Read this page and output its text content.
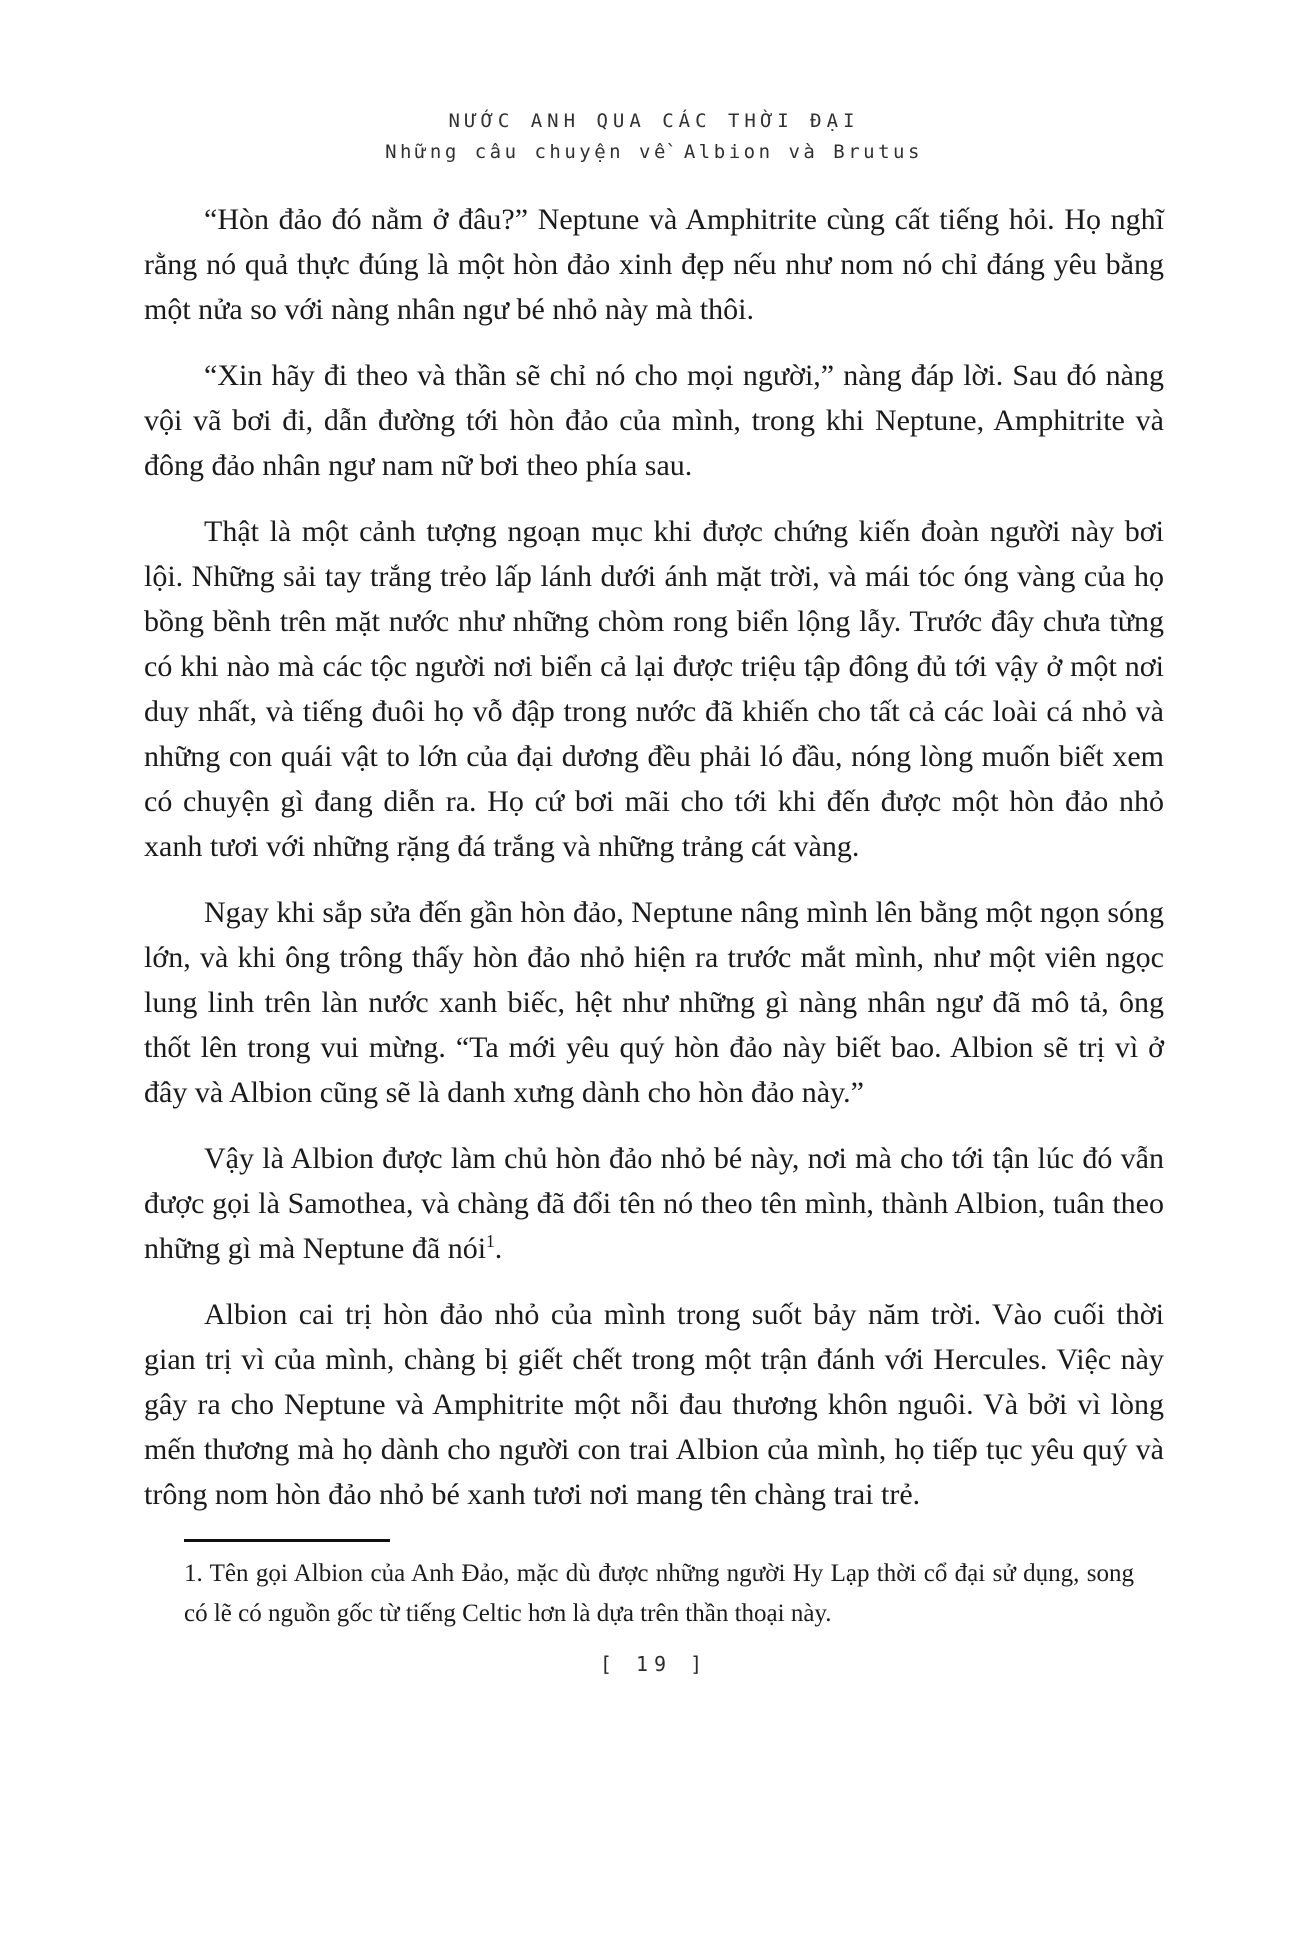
NƯỚC ANH QUA CÁC THỜI ĐẠI
Những câu chuyện về Albion và Brutus

“Hòn đảo đó nằm ở đâu?” Neptune và Amphitrite cùng cất tiếng hỏi. Họ nghĩ rằng nó quả thực đúng là một hòn đảo xinh đẹp nếu như nom nó chỉ đáng yêu bằng một nửa so với nàng nhân ngư bé nhỏ này mà thôi.

“Xin hãy đi theo và thần sẽ chỉ nó cho mọi người,” nàng đáp lời. Sau đó nàng vội vã bơi đi, dẫn đường tới hòn đảo của mình, trong khi Neptune, Amphitrite và đông đảo nhân ngư nam nữ bơi theo phía sau.

Thật là một cảnh tượng ngoạn mục khi được chứng kiến đoàn người này bơi lội. Những sải tay trắng trẻo lấp lánh dưới ánh mặt trời, và mái tóc óng vàng của họ bồng bềnh trên mặt nước như những chòm rong biển lộng lẫy. Trước đây chưa từng có khi nào mà các tộc người nơi biển cả lại được triệu tập đông đủ tới vậy ở một nơi duy nhất, và tiếng đuôi họ vỗ đập trong nước đã khiến cho tất cả các loài cá nhỏ và những con quái vật to lớn của đại dương đều phải ló đầu, nóng lòng muốn biết xem có chuyện gì đang diễn ra. Họ cứ bơi mãi cho tới khi đến được một hòn đảo nhỏ xanh tươi với những rặng đá trắng và những trảng cát vàng.

Ngay khi sắp sửa đến gần hòn đảo, Neptune nâng mình lên bằng một ngọn sóng lớn, và khi ông trông thấy hòn đảo nhỏ hiện ra trước mắt mình, như một viên ngọc lung linh trên làn nước xanh biếc, hệt như những gì nàng nhân ngư đã mô tả, ông thốt lên trong vui mừng. “Ta mới yêu quý hòn đảo này biết bao. Albion sẽ trị vì ở đây và Albion cũng sẽ là danh xưng dành cho hòn đảo này.”

Vậy là Albion được làm chủ hòn đảo nhỏ bé này, nơi mà cho tới tận lúc đó vẫn được gọi là Samothea, và chàng đã đổi tên nó theo tên mình, thành Albion, tuân theo những gì mà Neptune đã nói$^1$.

Albion cai trị hòn đảo nhỏ của mình trong suốt bảy năm trời. Vào cuối thời gian trị vì của mình, chàng bị giết chết trong một trận đánh với Hercules. Việc này gây ra cho Neptune và Amphitrite một nỗi đau thương khôn nguôi. Và bởi vì lòng mến thương mà họ dành cho người con trai Albion của mình, họ tiếp tục yêu quý và trông nom hòn đảo nhỏ bé xanh tươi nơi mang tên chàng trai trẻ.

1. Tên gọi Albion của Anh Đảo, mặc dù được những người Hy Lạp thời cổ đại sử dụng, song có lẽ có nguồn gốc từ tiếng Celtic hơn là dựa trên thần thoại này.
[ 19 ]
